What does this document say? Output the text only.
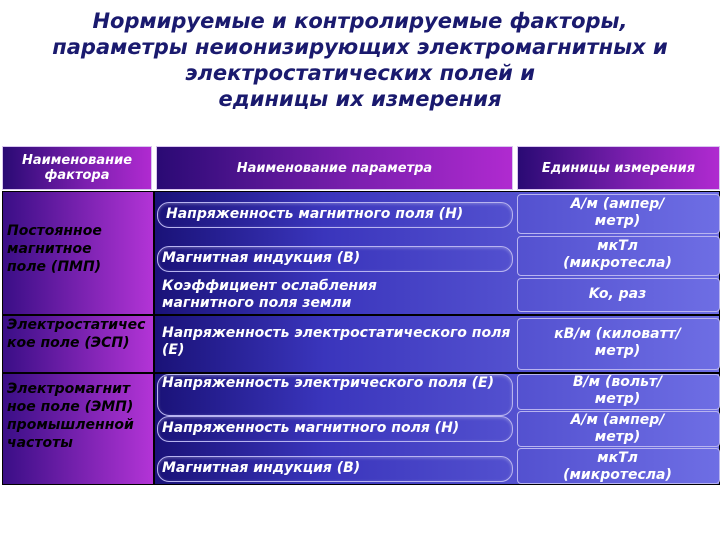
Нормируемые и контролируемые факторы,
параметры неионизирующих электромагнитных и
электростатических полей и
единицы их измерения
Наименование фактора	Наименование параметра	Единицы измерения
Постоянное магнитное поле (ПМП)
Электростатическое поле (ЭСП)
Электромагнитное поле (ЭМП) промышленной частоты
Напряженность магнитного поля (Н)
Магнитная индукция (В)
Коэффициент ослабления магнитного поля земли
Напряженность электростатического поля (Е)
Напряженность электрического поля (Е)
Напряженность магнитного поля (Н)
Магнитная индукция (В)
А/м (ампер/метр)
мкТл (микротесла)
Ko, раз
кВ/м (киловатт/метр)
В/м (вольт/метр)
А/м (ампер/метр)
мкТл (микротесла)
